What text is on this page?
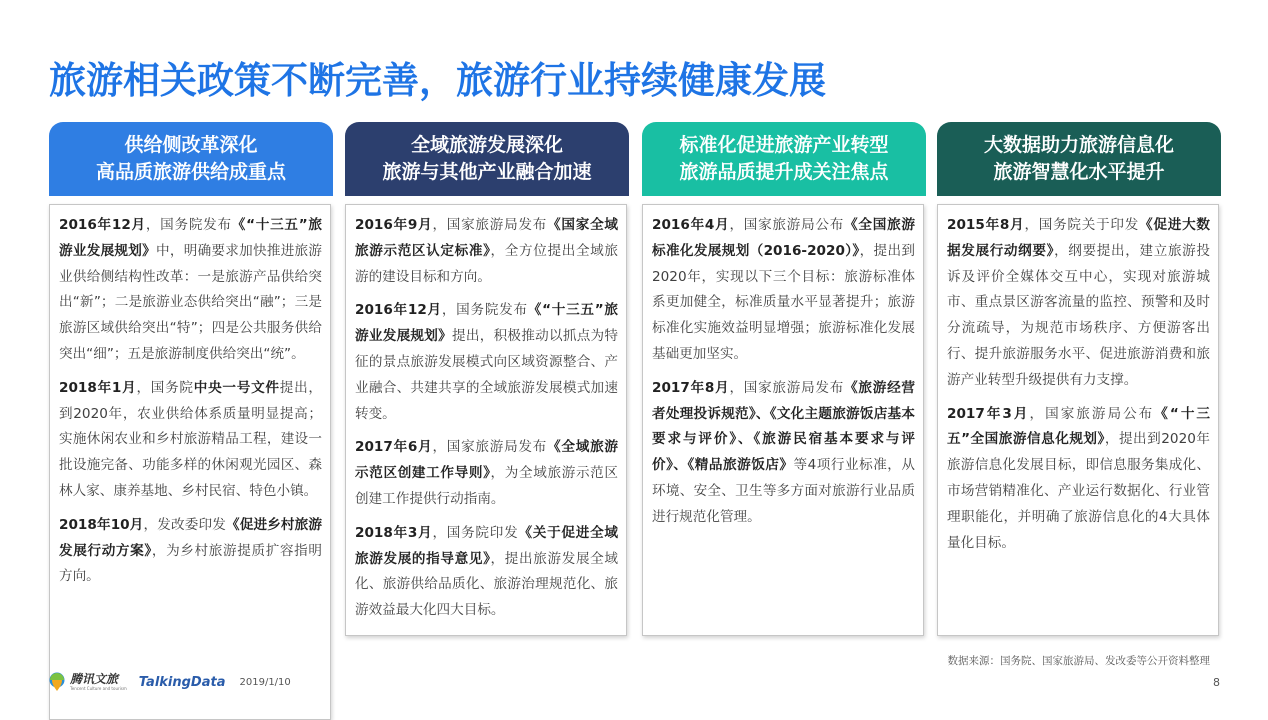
旅游相关政策不断完善，旅游行业持续健康发展
供给侧改革深化
高品质旅游供给成重点

2016年12月，国务院发布《“十三五”旅游业发展规划》中，明确要求加快推进旅游业供给侧结构性改革：一是旅游产品供给突出“新”；二是旅游业态供给突出“融”；三是旅游区域供给突出“特”；四是公共服务供给突出“细”；五是旅游制度供给突出“统”。

2018年1月，国务院中央一号文件提出，到2020年，农业供给体系质量明显提高；实施休闲农业和乡村旅游精品工程，建设一批设施完备、功能多样的休闲观光园区、森林人家、康养基地、乡村民宿、特色小镇。

2018年10月，发改委印发《促进乡村旅游发展行动方案》，为乡村旅游提质扩容指明方向。

全域旅游发展深化
旅游与其他产业融合加速

2016年9月，国家旅游局发布《国家全域旅游示范区认定标准》，全方位提出全域旅游的建设目标和方向。

2016年12月，国务院发布《“十三五”旅游业发展规划》提出，积极推动以抓点为特征的景点旅游发展模式向区域资源整合、产业融合、共建共享的全域旅游发展模式加速转变。

2017年6月，国家旅游局发布《全域旅游示范区创建工作导则》，为全域旅游示范区创建工作提供行动指南。

2018年3月，国务院印发《关于促进全域旅游发展的指导意见》，提出旅游发展全域化、旅游供给品质化、旅游治理规范化、旅游效益最大化四大目标。

标准化促进旅游产业转型
旅游品质提升成关注焦点

2016年4月，国家旅游局公布《全国旅游标准化发展规划（2016-2020）》，提出到2020年，实现以下三个目标：旅游标准体系更加健全，标准质量水平显著提升；旅游标准化实施效益明显增强；旅游标准化发展基础更加坚实。

2017年8月，国家旅游局发布《旅游经营者处理投诉规范》、《文化主题旅游饭店基本要求与评价》、《旅游民宿基本要求与评价》、《精品旅游饭店》等4项行业标准，从环境、安全、卫生等多方面对旅游行业品质进行规范化管理。

大数据助力旅游信息化
旅游智慧化水平提升

2015年8月，国务院关于印发《促进大数据发展行动纲要》，纲要提出，建立旅游投诉及评价全媒体交互中心，实现对旅游城市、重点景区游客流量的监控、预警和及时分流疏导，为规范市场秩序、方便游客出行、提升旅游服务水平、促进旅游消费和旅游产业转型升级提供有力支撑。

2017年3月，国家旅游局公布《“十三五”全国旅游信息化规划》，提出到2020年旅游信息化发展目标，即信息服务集成化、市场营销精准化、产业运行数据化、行业管理职能化，并明确了旅游信息化的4大具体量化目标。

数据来源：国务院、国家旅游局、发改委等公开资料整理
腾讯文旅
Tencent Culture and tourism TalkingData 2019/1/10	8
